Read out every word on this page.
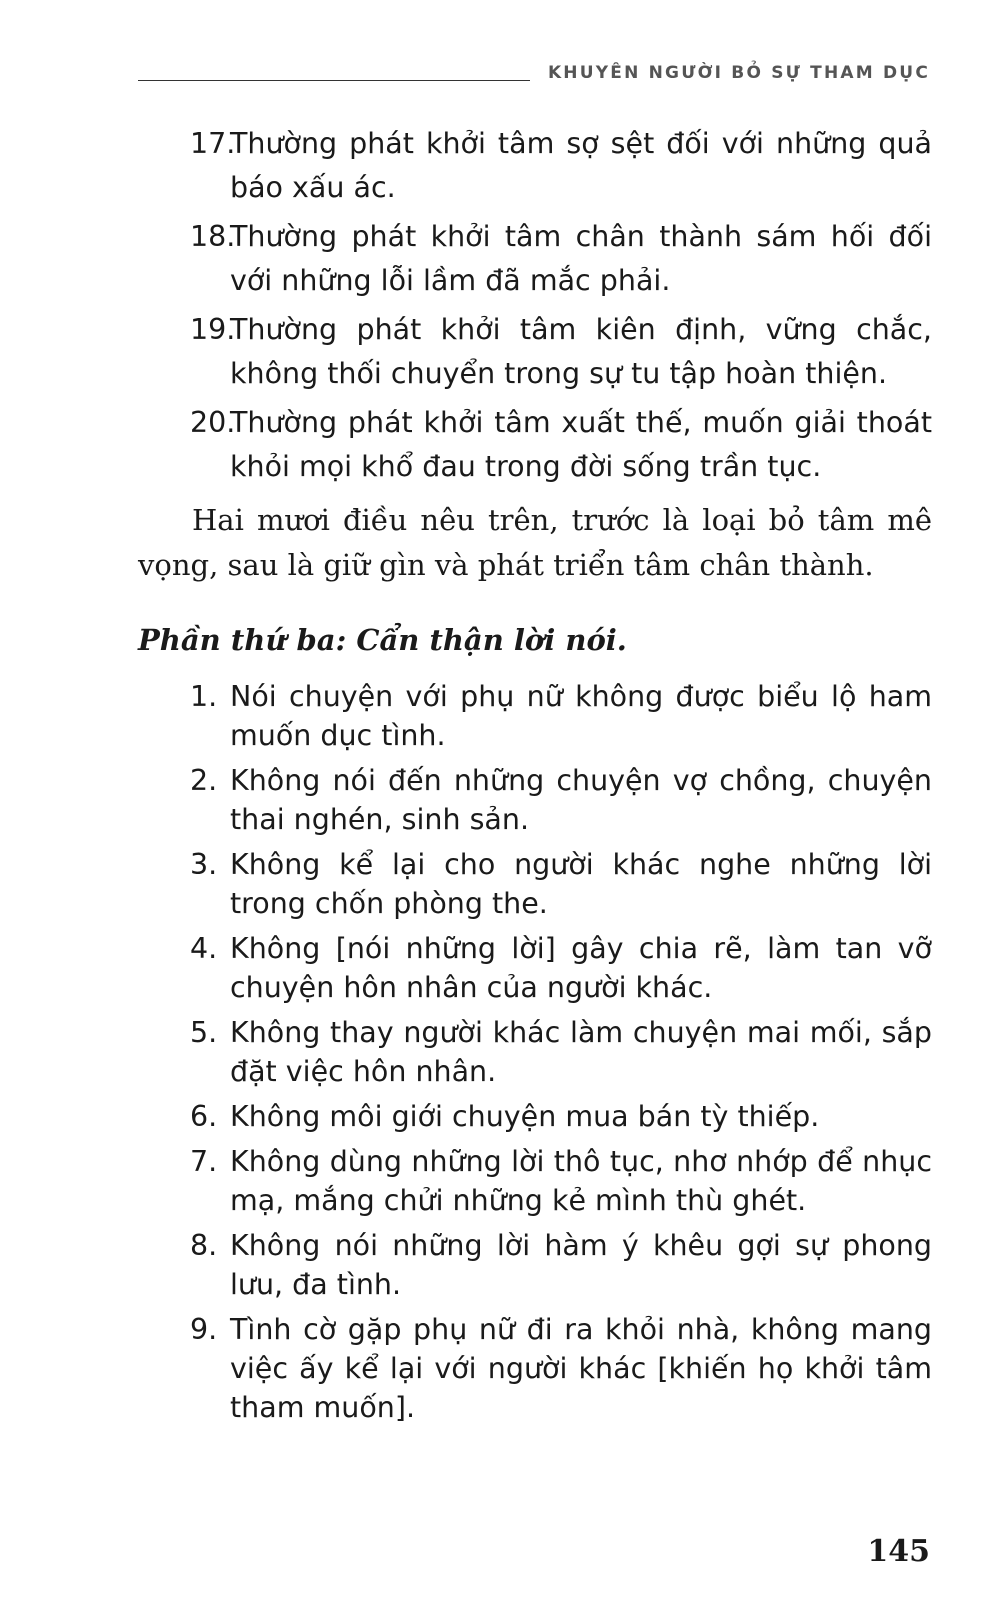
KHUYÊN NGƯỜI BỎ SỰ THAM DỤC
17.
Thường phát khởi tâm sợ sệt đối với những quả báo xấu ác.
18.
Thường phát khởi tâm chân thành sám hối đối với những lỗi lầm đã mắc phải.
19.
Thường phát khởi tâm kiên định, vững chắc, không thối chuyển trong sự tu tập hoàn thiện.
20.
Thường phát khởi tâm xuất thế, muốn giải thoát khỏi mọi khổ đau trong đời sống trần tục.

Hai mươi điều nêu trên, trước là loại bỏ tâm mê vọng, sau là giữ gìn và phát triển tâm chân thành.

Phần thứ ba: Cẩn thận lời nói.
1. Nói chuyện với phụ nữ không được biểu lộ ham muốn dục tình.
2. Không nói đến những chuyện vợ chồng, chuyện thai nghén, sinh sản.
3. Không kể lại cho người khác nghe những lời trong chốn phòng the.
4. Không [nói những lời] gây chia rẽ, làm tan vỡ chuyện hôn nhân của người khác.
5. Không thay người khác làm chuyện mai mối, sắp đặt việc hôn nhân.
6. Không môi giới chuyện mua bán tỳ thiếp.
7. Không dùng những lời thô tục, nhơ nhớp để nhục mạ, mắng chửi những kẻ mình thù ghét.
8. Không nói những lời hàm ý khêu gợi sự phong lưu, đa tình.
9. Tình cờ gặp phụ nữ đi ra khỏi nhà, không mang việc ấy kể lại với người khác [khiến họ khởi tâm tham muốn].
145
